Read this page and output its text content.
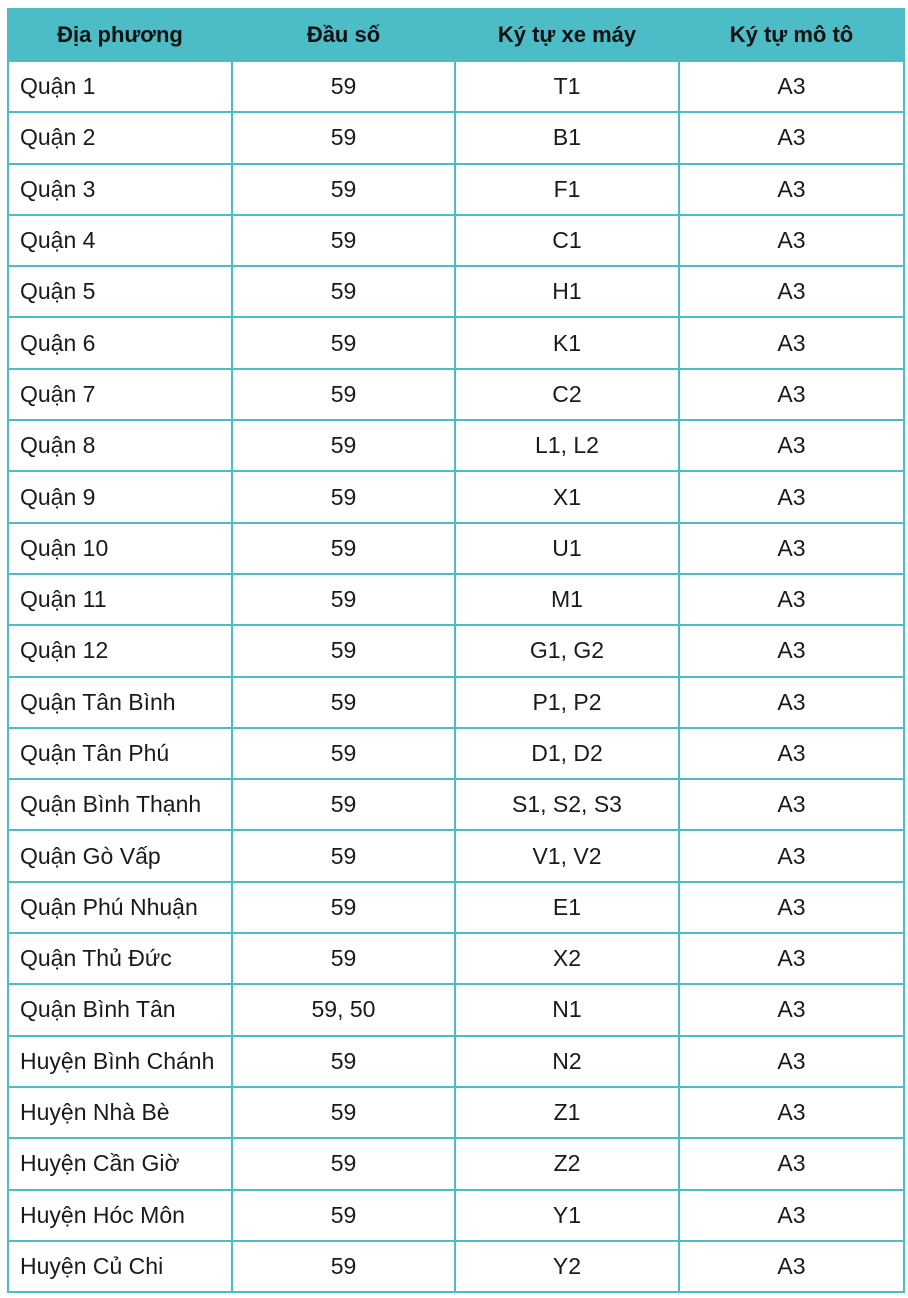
Địa phương	Đầu số	Ký tự xe máy	Ký tự mô tô
Quận 1	59	T1	A3
Quận 2	59	B1	A3
Quận 3	59	F1	A3
Quận 4	59	C1	A3
Quận 5	59	H1	A3
Quận 6	59	K1	A3
Quận 7	59	C2	A3
Quận 8	59	L1, L2	A3
Quận 9	59	X1	A3
Quận 10	59	U1	A3
Quận 11	59	M1	A3
Quận 12	59	G1, G2	A3
Quận Tân Bình	59	P1, P2	A3
Quận Tân Phú	59	D1, D2	A3
Quận Bình Thạnh	59	S1, S2, S3	A3
Quận Gò Vấp	59	V1, V2	A3
Quận Phú Nhuận	59	E1	A3
Quận Thủ Đức	59	X2	A3
Quận Bình Tân	59, 50	N1	A3
Huyện Bình Chánh	59	N2	A3
Huyện Nhà Bè	59	Z1	A3
Huyện Cần Giờ	59	Z2	A3
Huyện Hóc Môn	59	Y1	A3
Huyện Củ Chi	59	Y2	A3
